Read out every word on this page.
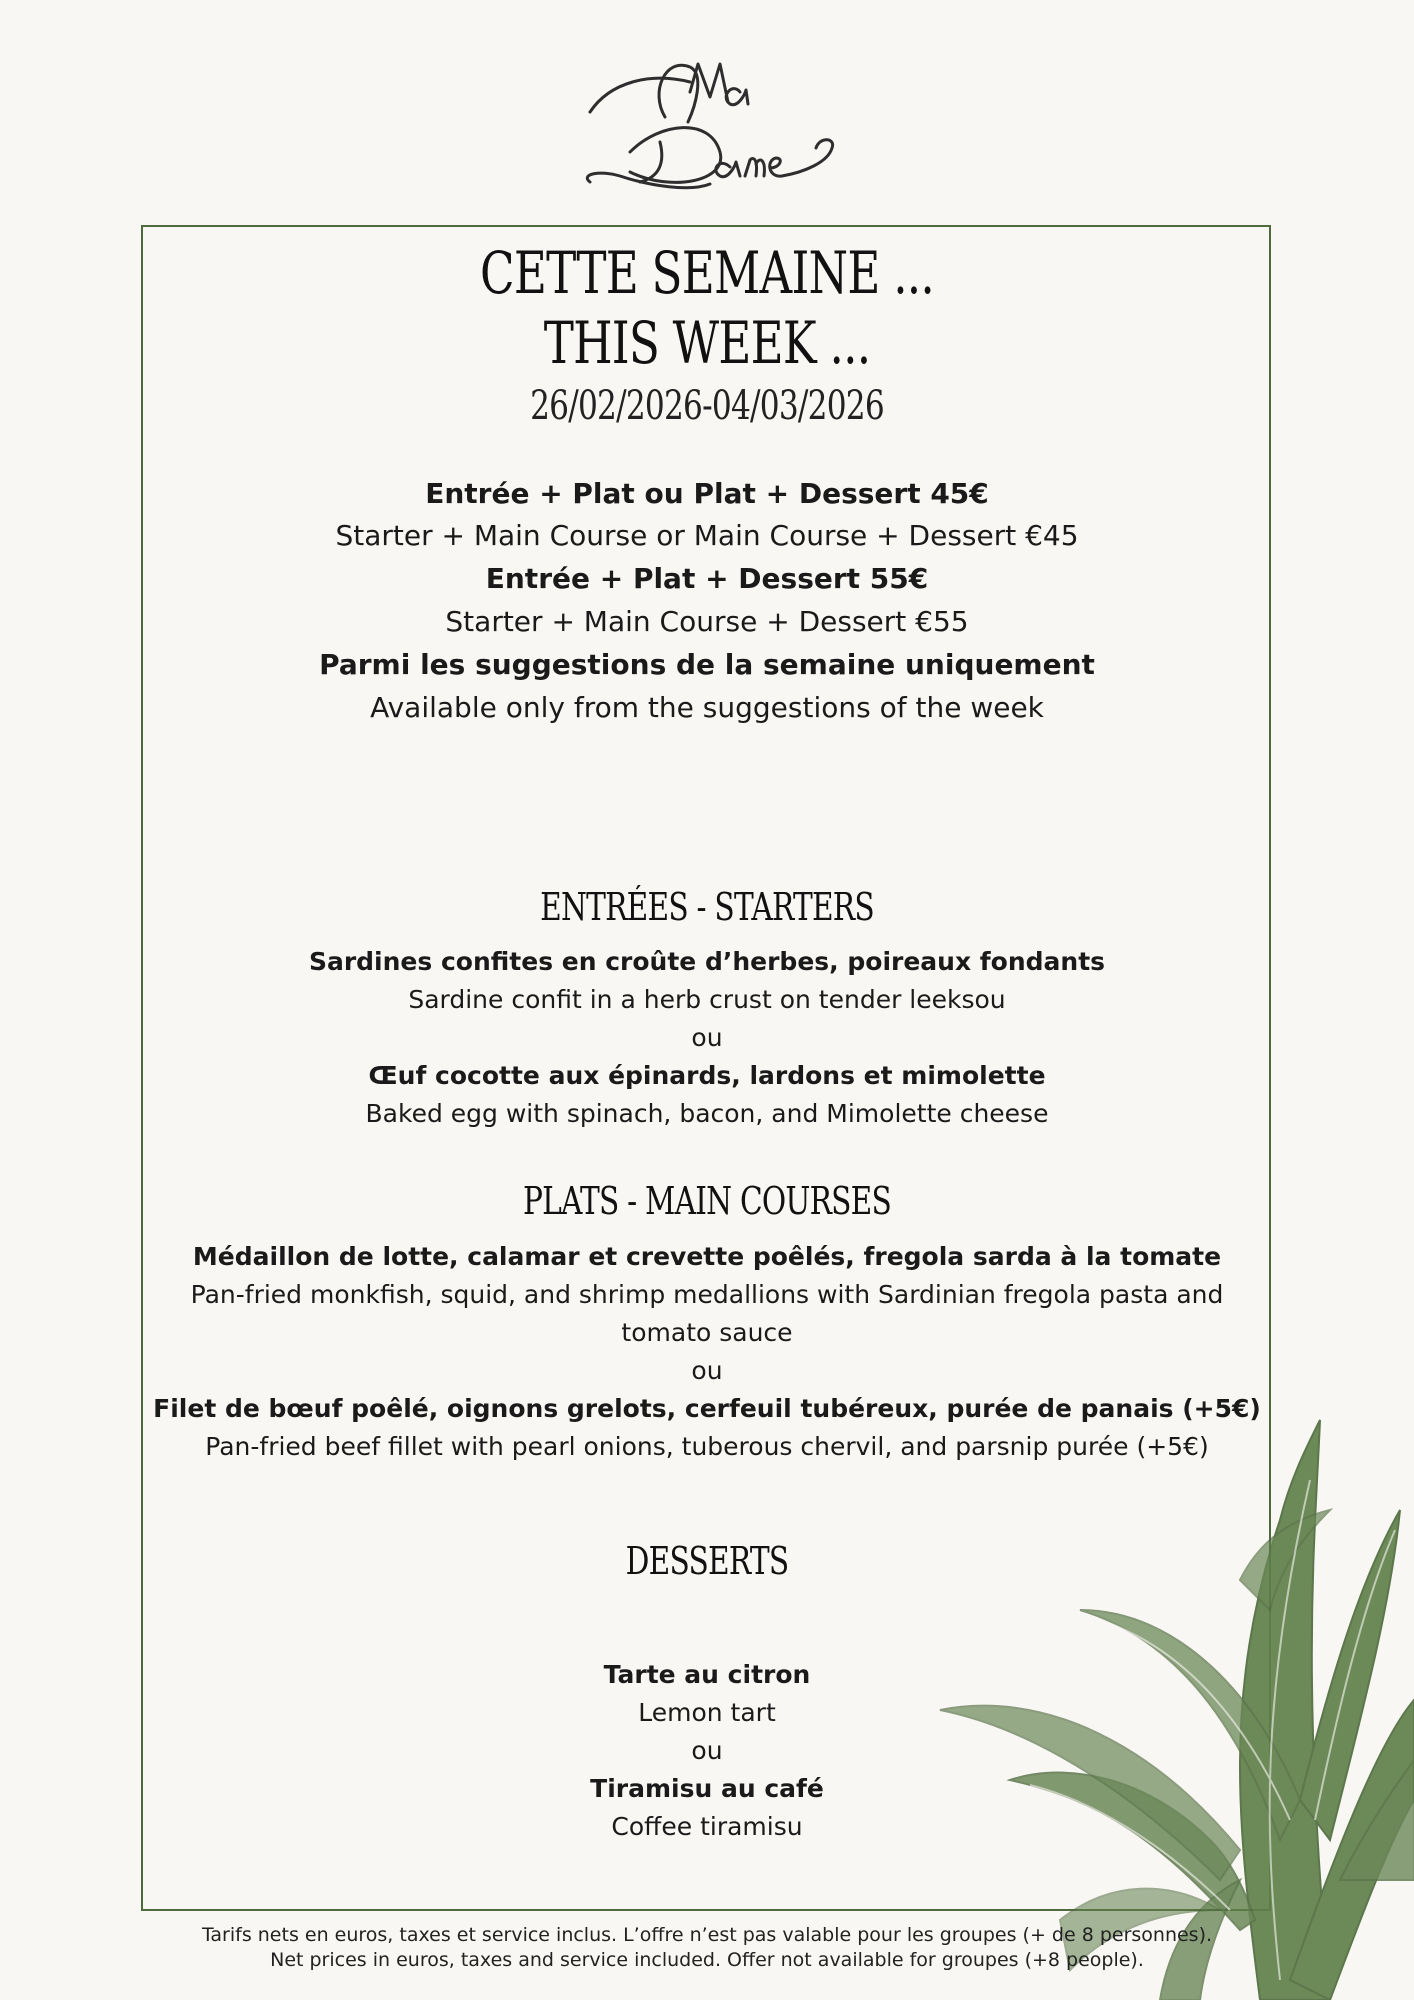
CETTE SEMAINE ...
THIS WEEK ...
26/02/2026-04/03/2026
Entrée + Plat ou Plat + Dessert 45€
Starter + Main Course or Main Course + Dessert €45
Entrée + Plat + Dessert 55€
Starter + Main Course + Dessert €55
Parmi les suggestions de la semaine uniquement
Available only from the suggestions of the week
ENTRÉES - STARTERS
Sardines confites en croûte d’herbes, poireaux fondants
Sardine confit in a herb crust on tender leeksou
ou
Œuf cocotte aux épinards, lardons et mimolette
Baked egg with spinach, bacon, and Mimolette cheese
PLATS - MAIN COURSES
Médaillon de lotte, calamar et crevette poêlés, fregola sarda à la tomate
Pan-fried monkfish, squid, and shrimp medallions with Sardinian fregola pasta and
tomato sauce
ou
Filet de bœuf poêlé, oignons grelots, cerfeuil tubéreux, purée de panais (+5€)
Pan-fried beef fillet with pearl onions, tuberous chervil, and parsnip purée (+5€)
DESSERTS
Tarte au citron
Lemon tart
ou
Tiramisu au café
Coffee tiramisu
Tarifs nets en euros, taxes et service inclus. L’offre n’est pas valable pour les groupes (+ de 8 personnes).
Net prices in euros, taxes and service included. Offer not available for groupes (+8 people).
